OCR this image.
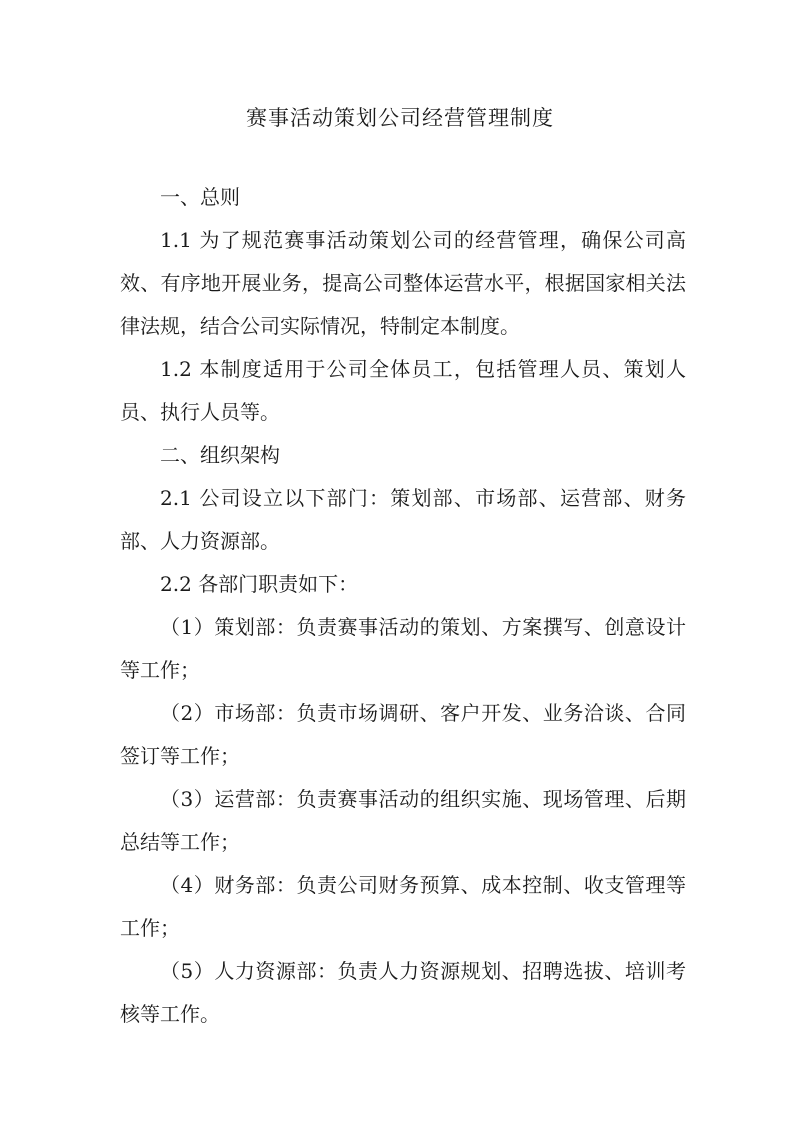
赛事活动策划公司经营管理制度

一、总则

1.1 为了规范赛事活动策划公司的经营管理，确保公司高效、有序地开展业务，提高公司整体运营水平，根据国家相关法律法规，结合公司实际情况，特制定本制度。

1.2 本制度适用于公司全体员工，包括管理人员、策划人员、执行人员等。

二、组织架构

2.1 公司设立以下部门：策划部、市场部、运营部、财务部、人力资源部。

2.2 各部门职责如下：

（1）策划部：负责赛事活动的策划、方案撰写、创意设计等工作；

（2）市场部：负责市场调研、客户开发、业务洽谈、合同签订等工作；

（3）运营部：负责赛事活动的组织实施、现场管理、后期总结等工作；

（4）财务部：负责公司财务预算、成本控制、收支管理等工作；

（5）人力资源部：负责人力资源规划、招聘选拔、培训考核等工作。
